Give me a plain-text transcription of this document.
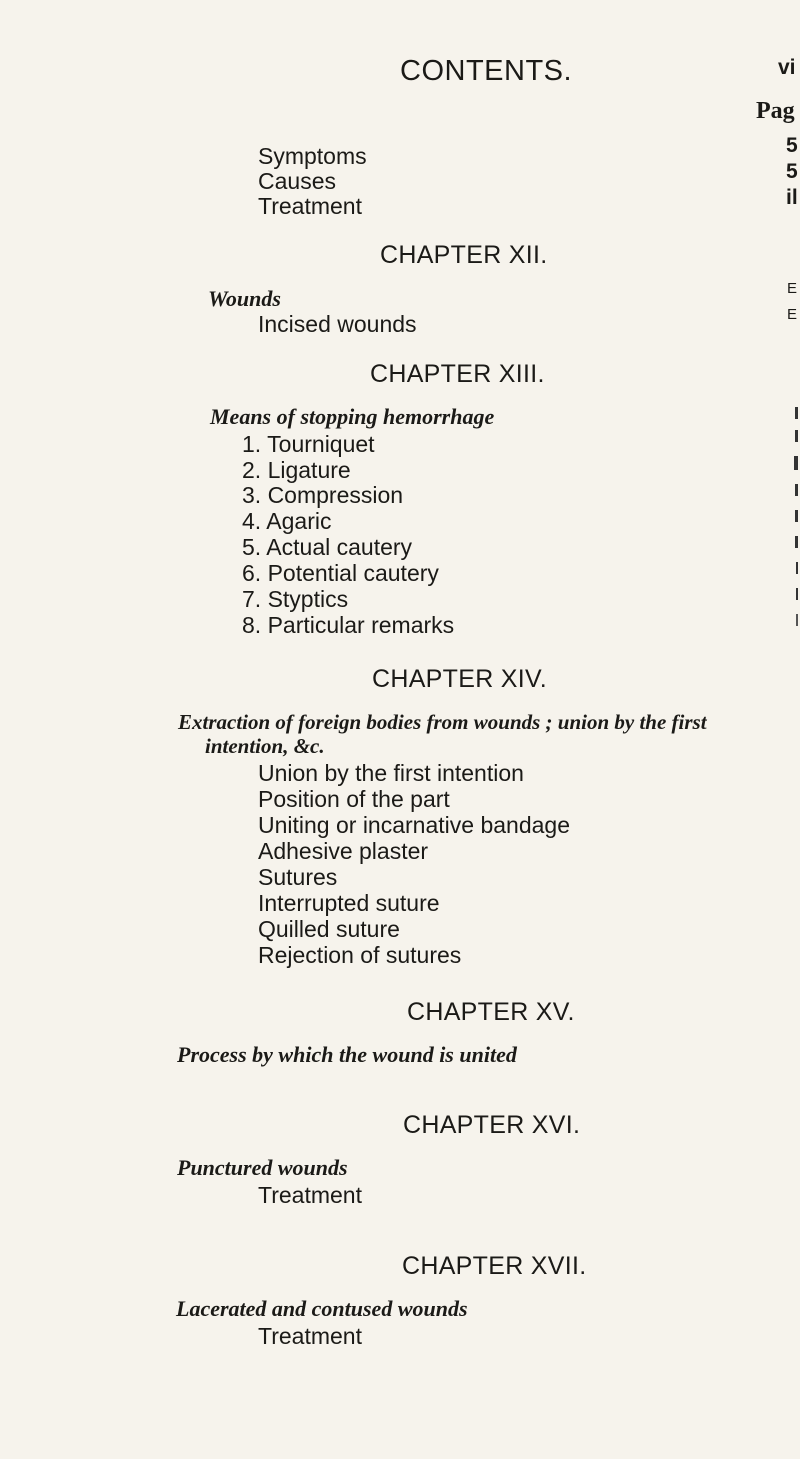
CONTENTS.	vi
Pag
Symptoms	5
Causes	5
Treatment	il
CHAPTER XII.
Wounds	E
Incised wounds	E
CHAPTER XIII.
Means of stopping hemorrhage
1. Tourniquet
2. Ligature
3. Compression
4. Agaric
5. Actual cautery
6. Potential cautery
7. Styptics
8. Particular remarks
CHAPTER XIV.
Extraction of foreign bodies from wounds ; union by the first
intention, &c.
Union by the first intention
Position of the part
Uniting or incarnative bandage
Adhesive plaster
Sutures
Interrupted suture
Quilled suture
Rejection of sutures
CHAPTER XV.
Process by which the wound is united
CHAPTER XVI.
Punctured wounds
Treatment
CHAPTER XVII.
Lacerated and contused wounds
Treatment
